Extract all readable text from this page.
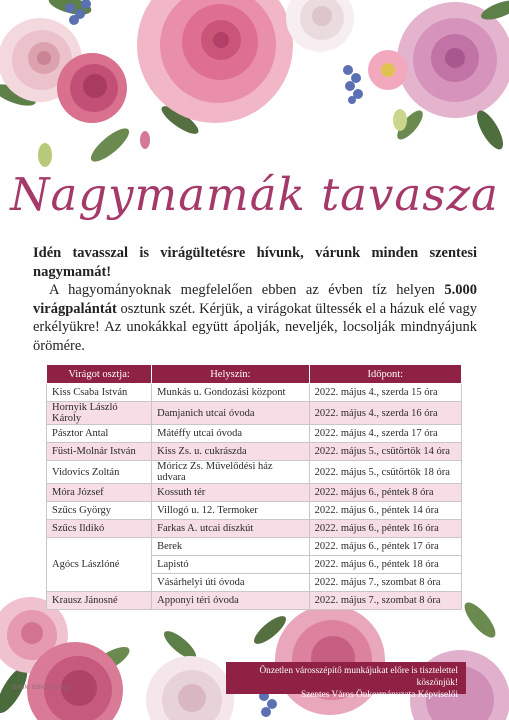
Nagymamák tavasza

Idén tavasszal is virágültetésre hívunk, várunk minden szentesi nagymamát!

A hagyományoknak megfelelően ebben az évben tíz helyen 5.000 virágpalántát osztunk szét. Kérjük, a virágokat ültessék el a házuk elé vagy erkélyükre! Az unokákkal együtt ápolják, neveljék, locsolják mindnyájunk örömére.

Virágot osztja:	Helyszín:	Időpont:
Kiss Csaba István	Munkás u. Gondozási központ	2022. május 4., szerda 15 óra
Hornyik László Károly	Damjanich utcai óvoda	2022. május 4., szerda 16 óra
Pásztor Antal	Mátéffy utcai óvoda	2022. május 4., szerda 17 óra
Füsti-Molnár István	Kiss Zs. u. cukrászda	2022. május 5., csütörtök 14 óra
Vidovics Zoltán	Móricz Zs. Művelődési ház udvara	2022. május 5., csütörtök 18 óra
Móra József	Kossuth tér	2022. május 6., péntek 8 óra
Szűcs György	Villogó u. 12. Termoker	2022. május 6., péntek 14 óra
Szűcs Ildikó	Farkas A. utcai díszkút	2022. május 6., péntek 16 óra
Agócs Lászlóné	Berek	2022. május 6., péntek 17 óra
	Lapistó	2022. május 6., péntek 18 óra
	Vásárhelyi úti óvoda	2022. május 7., szombat 8 óra
Krausz Jánosné	Apponyi téri óvoda	2022. május 7., szombat 8 óra
Önzetlen városszépítő munkájukat előre is tisztelettel köszönjük!
Szentes Város Önkormányzata Képviselői
Bánki Ildikó Design
